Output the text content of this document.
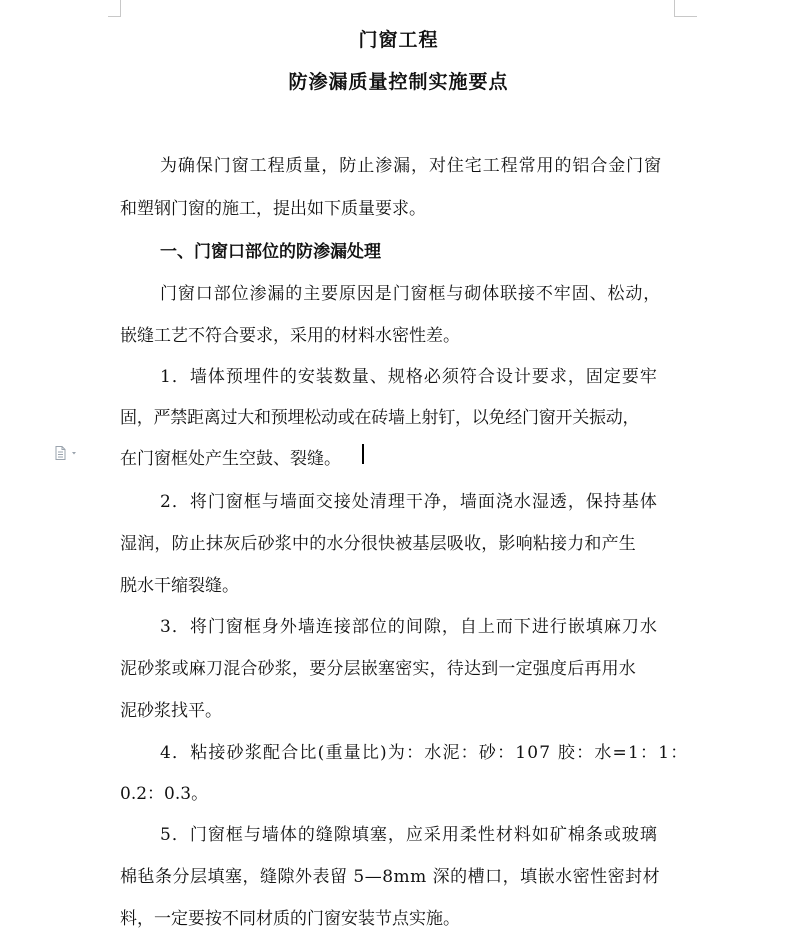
门窗工程
防渗漏质量控制实施要点
为确保门窗工程质量，防止渗漏，对住宅工程常用的铝合金门窗
和塑钢门窗的施工，提出如下质量要求。
一、门窗口部位的防渗漏处理
门窗口部位渗漏的主要原因是门窗框与砌体联接不牢固、松动，
嵌缝工艺不符合要求，采用的材料水密性差。
1．墙体预埋件的安装数量、规格必须符合设计要求，固定要牢
固，严禁距离过大和预埋松动或在砖墙上射钉，以免经门窗开关振动，
在门窗框处产生空鼓、裂缝。
2．将门窗框与墙面交接处清理干净，墙面浇水湿透，保持基体
湿润，防止抹灰后砂浆中的水分很快被基层吸收，影响粘接力和产生
脱水干缩裂缝。
3．将门窗框身外墙连接部位的间隙，自上而下进行嵌填麻刀水
泥砂浆或麻刀混合砂浆，要分层嵌塞密实，待达到一定强度后再用水
泥砂浆找平。
4．粘接砂浆配合比(重量比)为：水泥：砂：107 胶：水=1：1：
0.2：0.3。
5．门窗框与墙体的缝隙填塞，应采用柔性材料如矿棉条或玻璃
棉毡条分层填塞，缝隙外表留 5—8mm 深的槽口，填嵌水密性密封材
料，一定要按不同材质的门窗安装节点实施。
